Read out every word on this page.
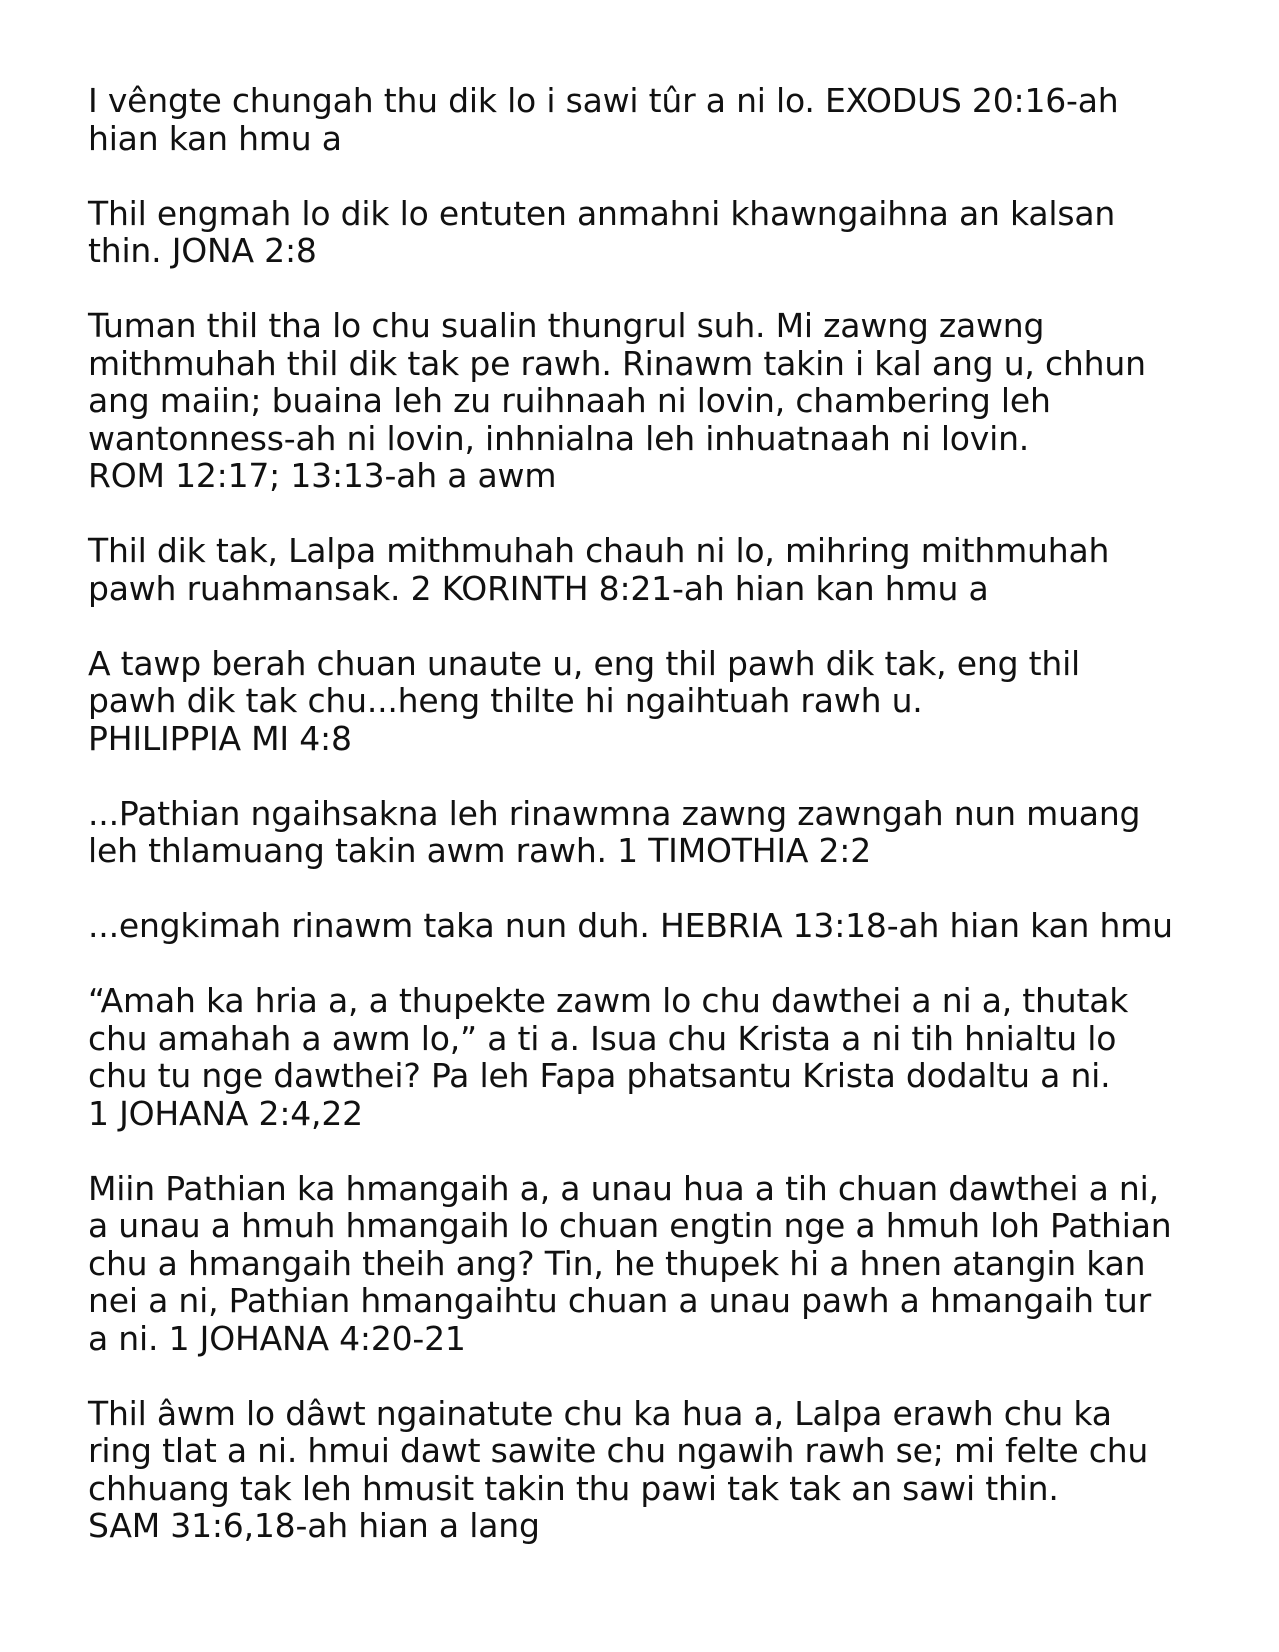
I vêngte chungah thu dik lo i sawi tûr a ni lo. EXODUS 20:16-ah
hian kan hmu a

Thil engmah lo dik lo entuten anmahni khawngaihna an kalsan
thin. JONA 2:8

Tuman thil tha lo chu sualin thungrul suh. Mi zawng zawng
mithmuhah thil dik tak pe rawh. Rinawm takin i kal ang u, chhun
ang maiin; buaina leh zu ruihnaah ni lovin, chambering leh
wantonness-ah ni lovin, inhnialna leh inhuatnaah ni lovin.
ROM 12:17; 13:13-ah a awm

Thil dik tak, Lalpa mithmuhah chauh ni lo, mihring mithmuhah
pawh ruahmansak. 2 KORINTH 8:21-ah hian kan hmu a

A tawp berah chuan unaute u, eng thil pawh dik tak, eng thil
pawh dik tak chu...heng thilte hi ngaihtuah rawh u.
PHILIPPIA MI 4:8

...Pathian ngaihsakna leh rinawmna zawng zawngah nun muang
leh thlamuang takin awm rawh. 1 TIMOTHIA 2:2

...engkimah rinawm taka nun duh. HEBRIA 13:18-ah hian kan hmu

“Amah ka hria a, a thupekte zawm lo chu dawthei a ni a, thutak
chu amahah a awm lo,” a ti a. Isua chu Krista a ni tih hnialtu lo
chu tu nge dawthei? Pa leh Fapa phatsantu Krista dodaltu a ni.
1 JOHANA 2:4,22

Miin Pathian ka hmangaih a, a unau hua a tih chuan dawthei a ni,
a unau a hmuh hmangaih lo chuan engtin nge a hmuh loh Pathian
chu a hmangaih theih ang? Tin, he thupek hi a hnen atangin kan
nei a ni, Pathian hmangaihtu chuan a unau pawh a hmangaih tur
a ni. 1 JOHANA 4:20-21

Thil âwm lo dâwt ngainatute chu ka hua a, Lalpa erawh chu ka
ring tlat a ni. hmui dawt sawite chu ngawih rawh se; mi felte chu
chhuang tak leh hmusit takin thu pawi tak tak an sawi thin.
SAM 31:6,18-ah hian a lang
